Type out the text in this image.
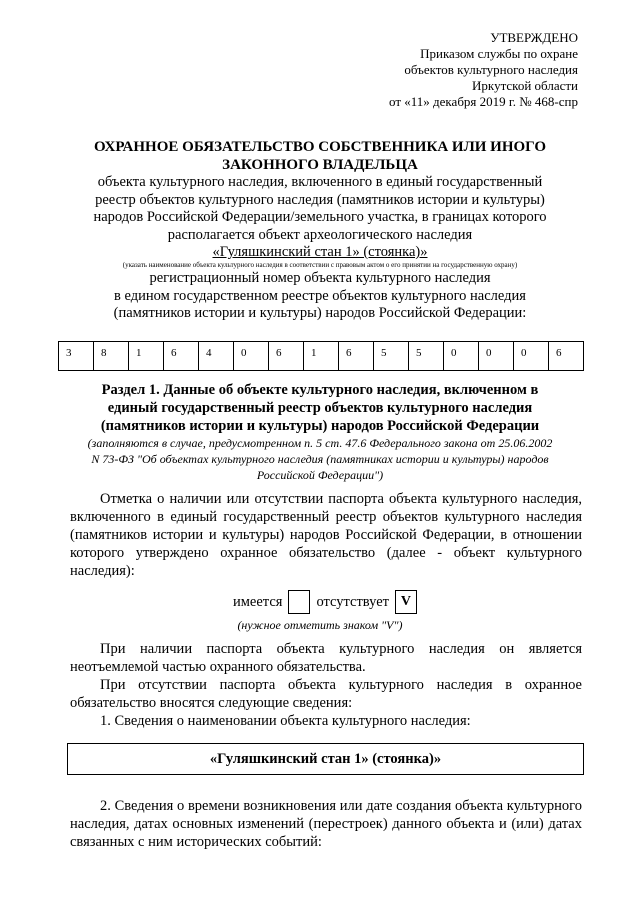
УТВЕРЖДЕНО
Приказом службы по охране
объектов культурного наследия
Иркутской области
от «11» декабря 2019 г. № 468-спр
ОХРАННОЕ ОБЯЗАТЕЛЬСТВО СОБСТВЕННИКА ИЛИ ИНОГО
ЗАКОННОГО ВЛАДЕЛЬЦА
объекта культурного наследия, включенного в единый государственный
реестр объектов культурного наследия (памятников истории и культуры)
народов Российской Федерации/земельного участка, в границах которого
располагается объект археологического наследия
«Гуляшкинский стан 1» (стоянка)»
(указать наименование объекта культурного наследия в соответствии с правовым актом о его принятии на государственную охрану)
регистрационный номер объекта культурного наследия
в едином государственном реестре объектов культурного наследия
(памятников истории и культуры) народов Российской Федерации:
3	8	1	6	4	0	6	1	6	5	5	0	0	0	6
Раздел 1. Данные об объекте культурного наследия, включенном в
единый государственный реестр объектов культурного наследия
(памятников истории и культуры) народов Российской Федерации
(заполняются в случае, предусмотренном п. 5 ст. 47.6 Федерального закона от 25.06.2002
N 73-ФЗ "Об объектах культурного наследия (памятниках истории и культуры) народов
Российской Федерации")
Отметка о наличии или отсутствии паспорта объекта культурного наследия, включенного в единый государственный реестр объектов культурного наследия (памятников истории и культуры) народов Российской Федерации, в отношении которого утверждено охранное обязательство (далее - объект культурного наследия):
имеется отсутствует V
(нужное отметить знаком "V")
При наличии паспорта объекта культурного наследия он является неотъемлемой частью охранного обязательства.
При отсутствии паспорта объекта культурного наследия в охранное обязательство вносятся следующие сведения:
1. Сведения о наименовании объекта культурного наследия:
«Гуляшкинский стан 1» (стоянка)»
2. Сведения о времени возникновения или дате создания объекта культурного наследия, датах основных изменений (перестроек) данного объекта и (или) датах связанных с ним исторических событий:
